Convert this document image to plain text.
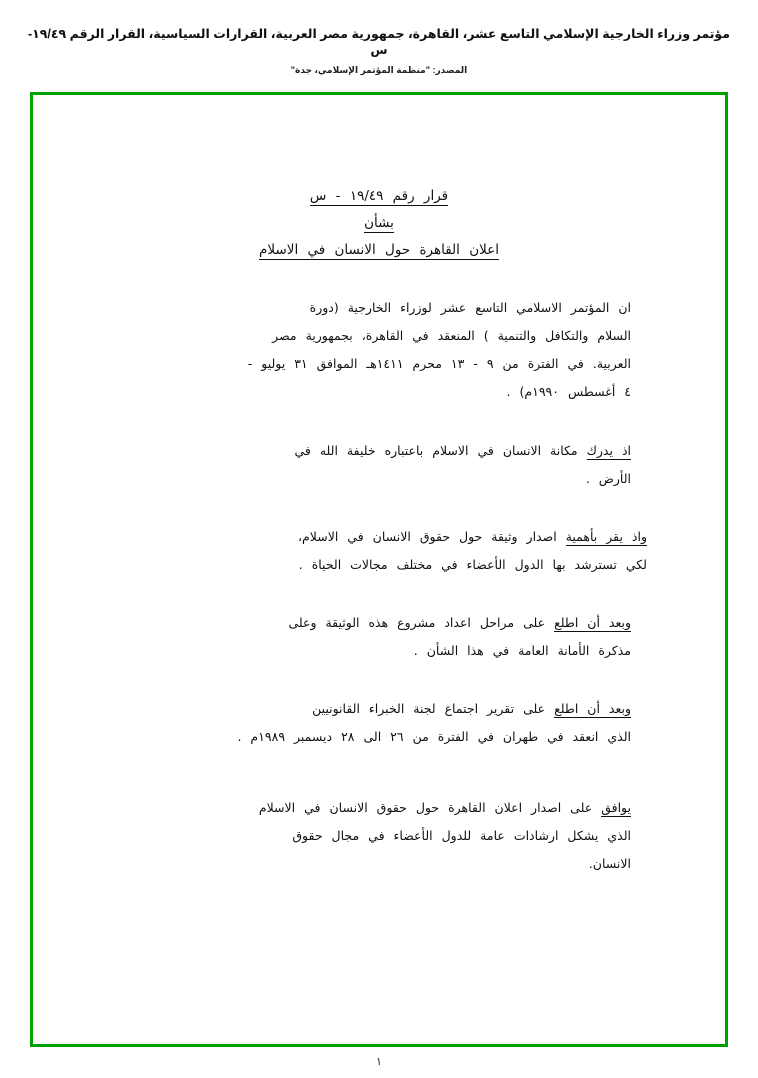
مؤتمر وزراء الخارجية الإسلامي التاسع عشر، القاهرة، جمهورية مصر العربية، القرارات السياسية، القرار الرقم ١٩/٤٩-س
المصدر: "منظمة المؤتمر الإسلامي، جدة"
قرار رقم ١٩/٤٩ - س
بشأن
اعلان القاهرة حول الانسان في الاسلام
ان المؤتمر الاسلامي التاسع عشر لوزراء الخارجية (دورة
السلام والتكافل والتنمية ) المنعقد في القاهرة، بجمهورية مصر
العربية. في الفترة من ٩ - ١٣ محرم ١٤١١هـ الموافق ٣١ يوليو -
٤ أغسطس ١٩٩٠م) .
اذ يدرك مكانة الانسان في الاسلام باعتباره خليفة الله في
الأرض .
واذ يقر بأهمية اصدار وثيقة حول حقوق الانسان في الاسلام،
لكي تسترشد بها الدول الأعضاء في مختلف مجالات الحياة .
وبعد أن اطلع على مراحل اعداد مشروع هذه الوثيقة وعلى
مذكرة الأمانة العامة في هذا الشأن .
وبعد أن اطلع على تقرير اجتماع لجنة الخبراء القانونيين
الذي انعقد في طهران في الفترة من ٢٦ الى ٢٨ ديسمبر ١٩٨٩م .
يوافق على اصدار اعلان القاهرة حول حقوق الانسان في الاسلام
الذي يشكل ارشادات عامة للدول الأعضاء في مجال حقوق
الانسان.
١
